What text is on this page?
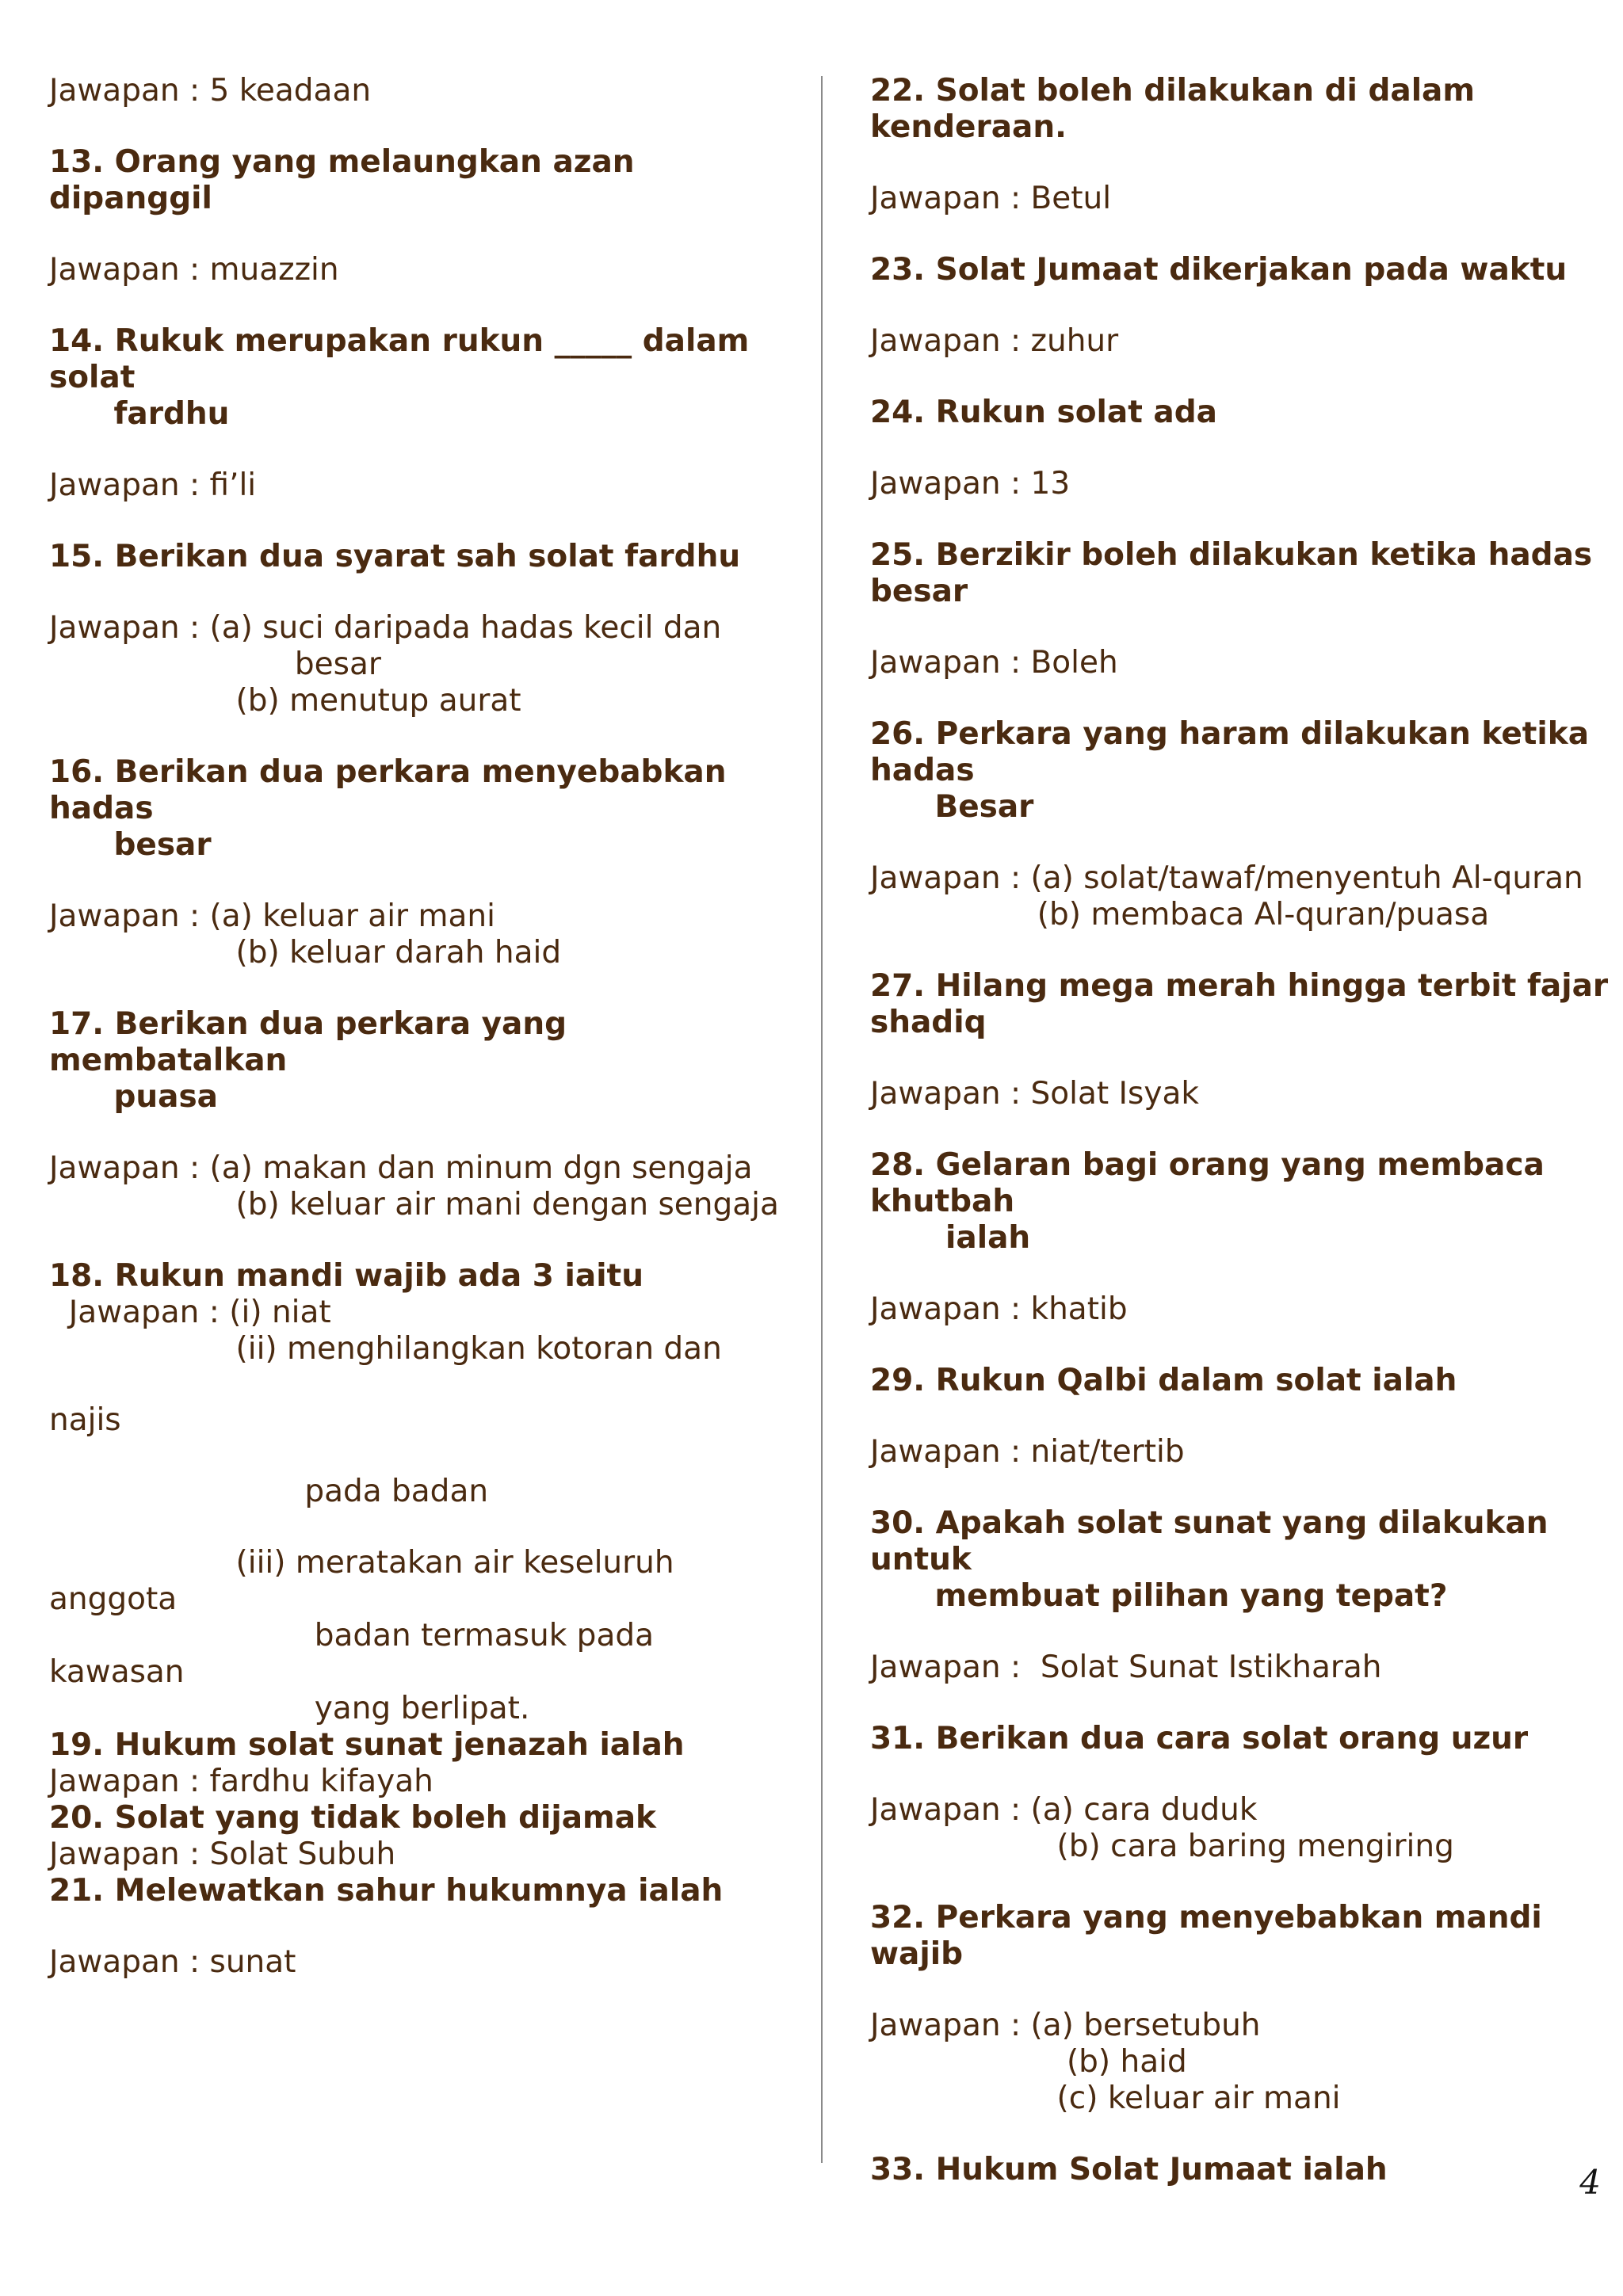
Jawapan : 5 keadaan
13. Orang yang melaungkan azan
dipanggil
Jawapan : muazzin
14. Rukuk merupakan rukun _____ dalam
solat
fardhu
Jawapan : fi’li
15. Berikan dua syarat sah solat fardhu
Jawapan : (a) suci daripada hadas kecil dan
besar
(b) menutup aurat
16. Berikan dua perkara menyebabkan
hadas
besar
Jawapan : (a) keluar air mani
(b) keluar darah haid
17. Berikan dua perkara yang
membatalkan
puasa
Jawapan : (a) makan dan minum dgn sengaja
(b) keluar air mani dengan sengaja
18. Rukun mandi wajib ada 3 iaitu
Jawapan : (i) niat
(ii) menghilangkan kotoran dan
najis
pada badan
(iii) meratakan air keseluruh
anggota
badan termasuk pada
kawasan
yang berlipat.
19. Hukum solat sunat jenazah ialah
Jawapan : fardhu kifayah
20. Solat yang tidak boleh dijamak
Jawapan : Solat Subuh
21. Melewatkan sahur hukumnya ialah
Jawapan : sunat
22. Solat boleh dilakukan di dalam
kenderaan.
Jawapan : Betul
23. Solat Jumaat dikerjakan pada waktu
Jawapan : zuhur
24. Rukun solat ada
Jawapan : 13
25. Berzikir boleh dilakukan ketika hadas
besar
Jawapan : Boleh
26. Perkara yang haram dilakukan ketika
hadas
Besar
Jawapan : (a) solat/tawaf/menyentuh Al-quran
(b) membaca Al-quran/puasa
27. Hilang mega merah hingga terbit fajar
shadiq
Jawapan : Solat Isyak
28. Gelaran bagi orang yang membaca
khutbah
ialah
Jawapan : khatib
29. Rukun Qalbi dalam solat ialah
Jawapan : niat/tertib
30. Apakah solat sunat yang dilakukan
untuk
membuat pilihan yang tepat?
Jawapan :  Solat Sunat Istikharah
31. Berikan dua cara solat orang uzur
Jawapan : (a) cara duduk
(b) cara baring mengiring
32. Perkara yang menyebabkan mandi
wajib
Jawapan : (a) bersetubuh
(b) haid
(c) keluar air mani
33. Hukum Solat Jumaat ialah	4
